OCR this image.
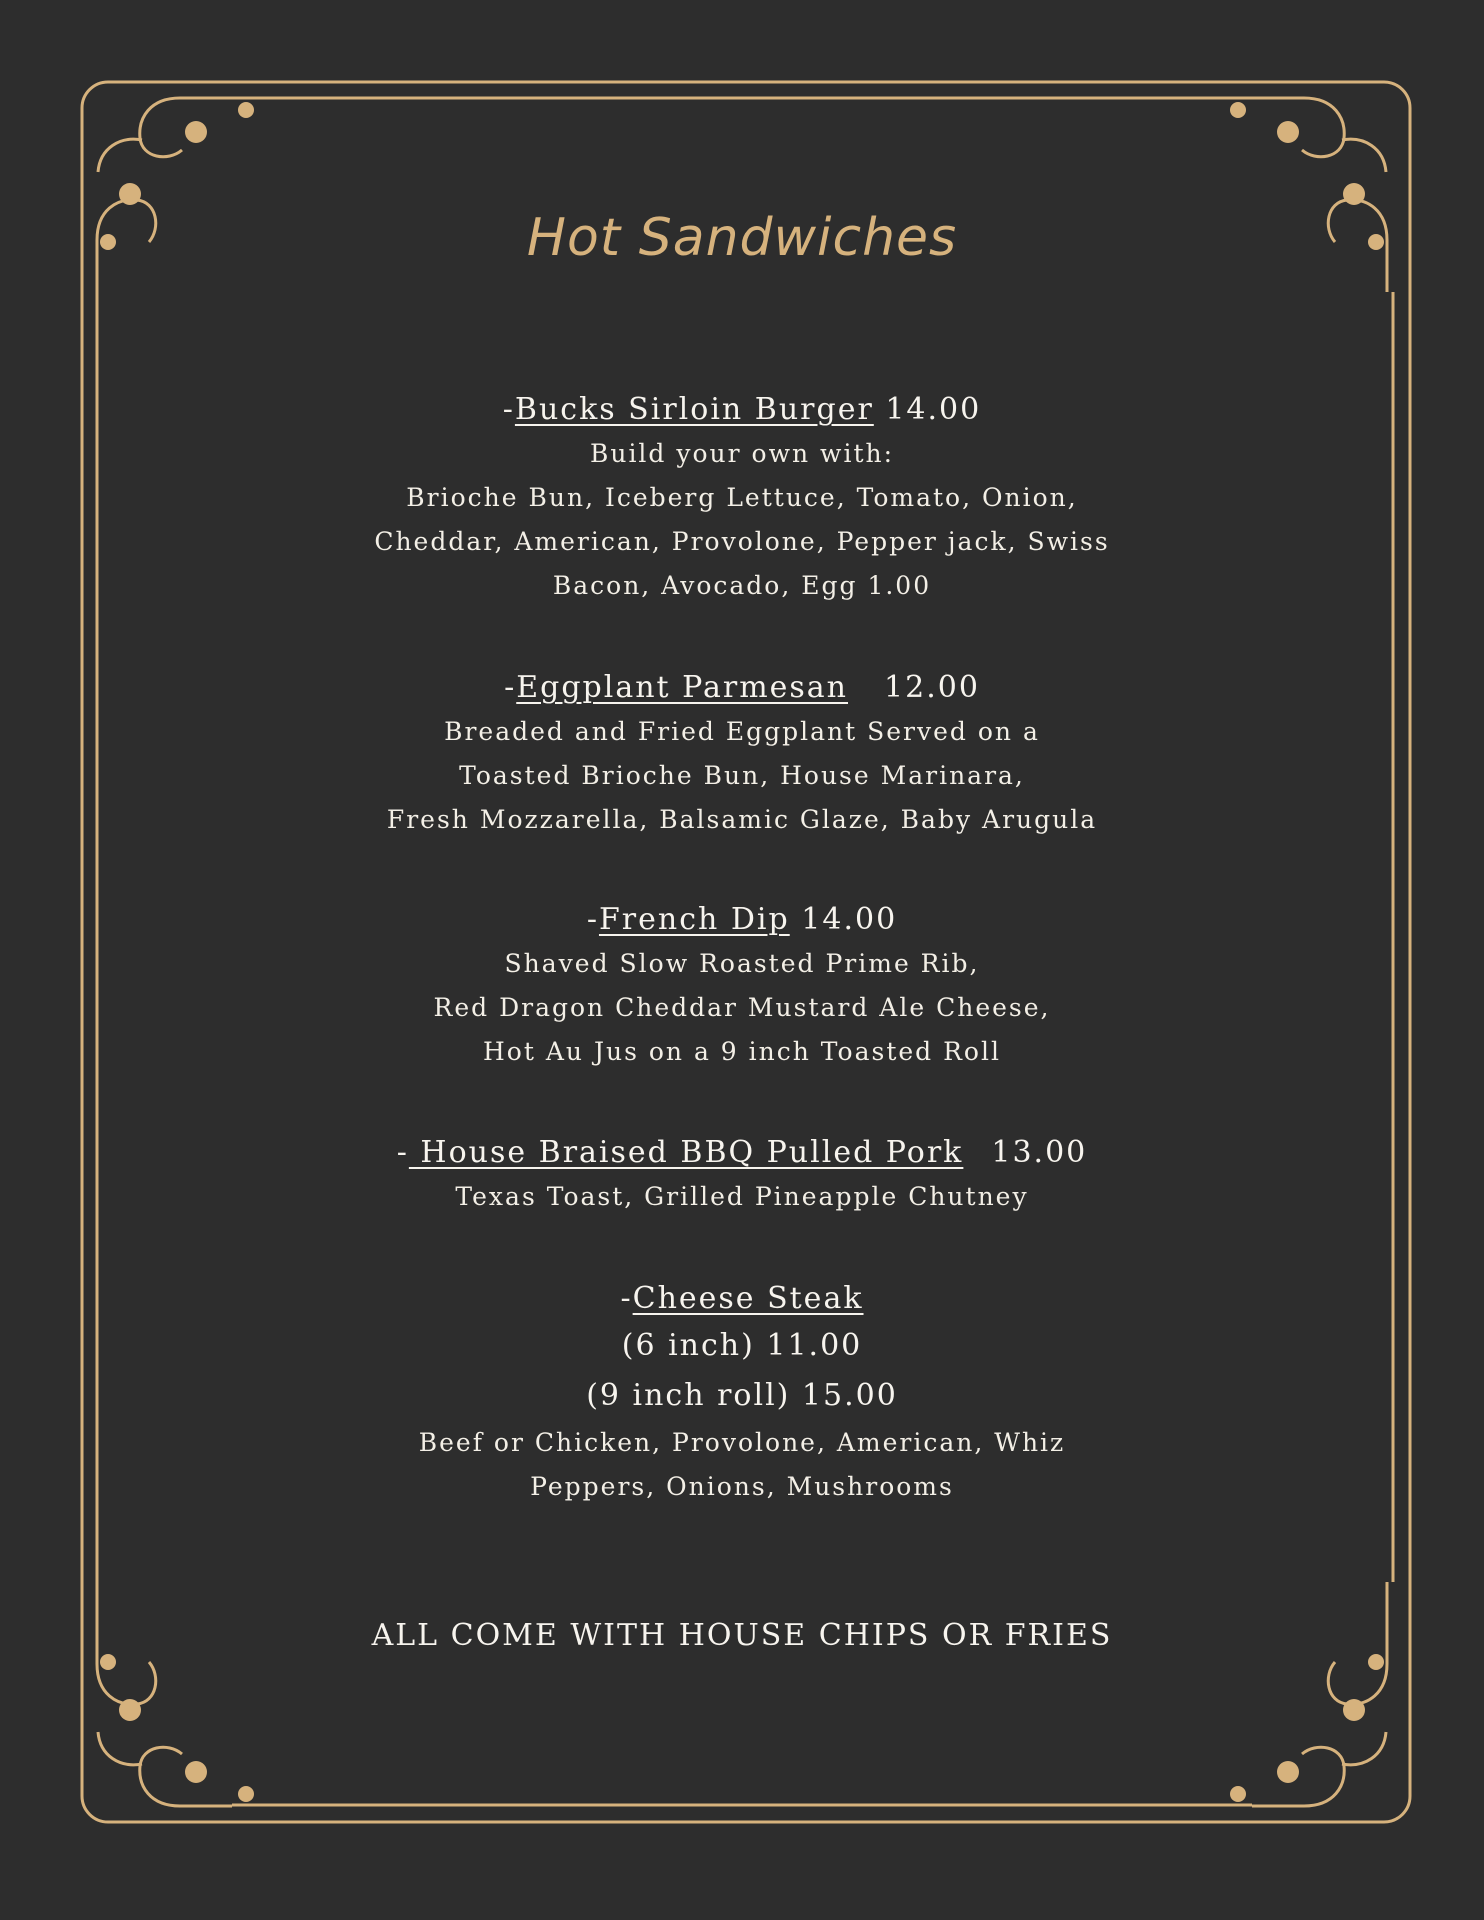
Hot Sandwiches
-Bucks Sirloin Burger 14.00
Build your own with:
Brioche Bun, Iceberg Lettuce, Tomato, Onion,
Cheddar, American, Provolone, Pepper jack, Swiss
Bacon, Avocado, Egg 1.00
-Eggplant Parmesan 12.00
Breaded and Fried Eggplant Served on a
Toasted Brioche Bun, House Marinara,
Fresh Mozzarella, Balsamic Glaze, Baby Arugula
-French Dip 14.00
Shaved Slow Roasted Prime Rib,
Red Dragon Cheddar Mustard Ale Cheese,
Hot Au Jus on a 9 inch Toasted Roll
- House Braised BBQ Pulled Pork 13.00
Texas Toast, Grilled Pineapple Chutney
-Cheese Steak
(6 inch) 11.00
(9 inch roll) 15.00
Beef or Chicken, Provolone, American, Whiz
Peppers, Onions, Mushrooms
ALL COME WITH HOUSE CHIPS OR FRIES
